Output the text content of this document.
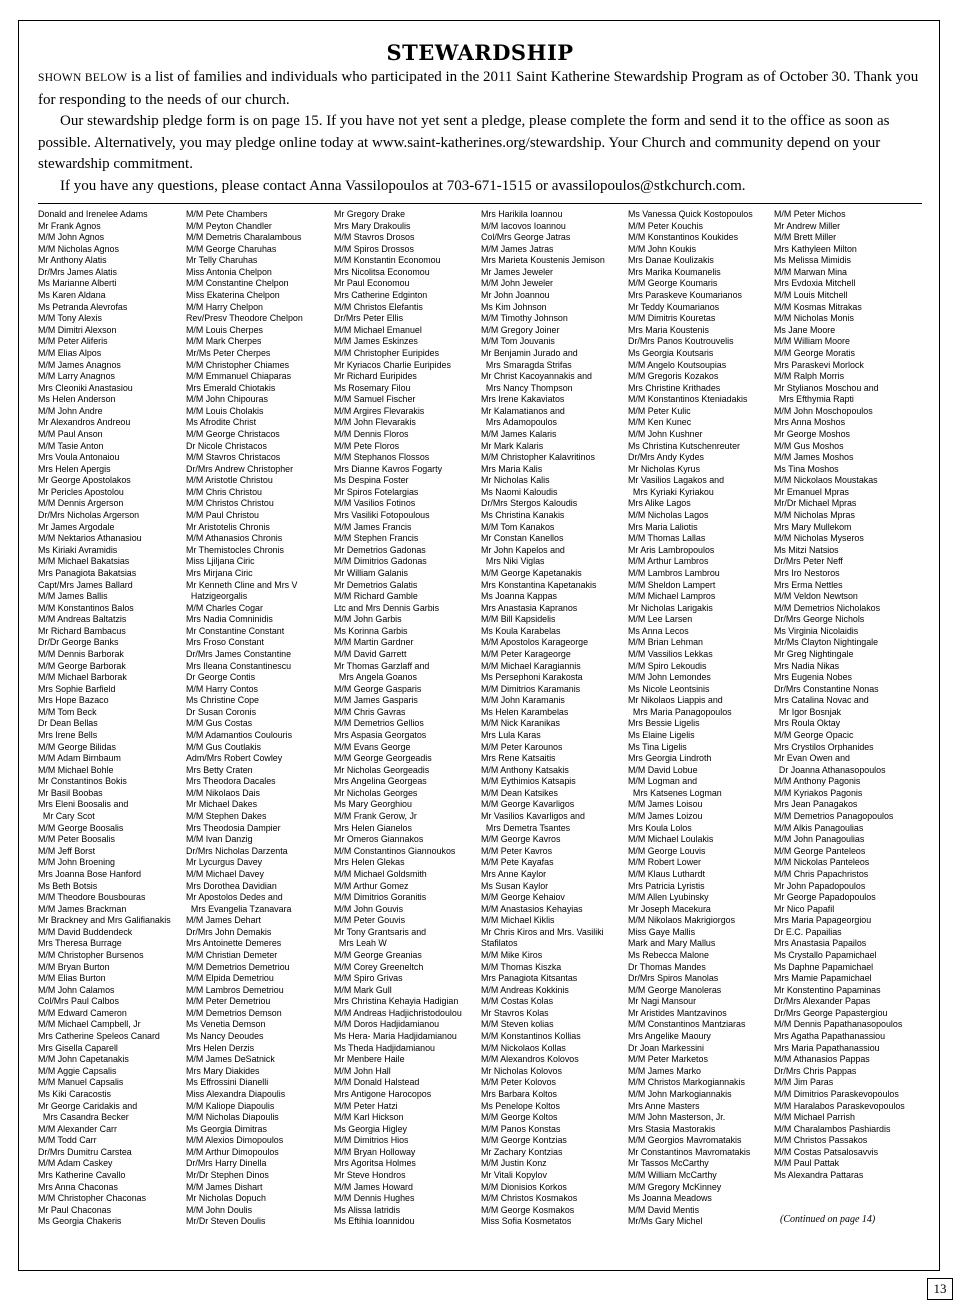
STEWARDSHIP

SHOWN BELOW is a list of families and individuals who participated in the 2011 Saint Katherine Stewardship Program as of October 30. Thank you for responding to the needs of our church.

Our stewardship pledge form is on page 15. If you have not yet sent a pledge, please complete the form and send it to the office as soon as possible. Alternatively, you may pledge online today at www.saint-katherines.org/stewardship. Your Church and community depend on your stewardship commitment.

If you have any questions, please contact Anna Vassilopoulos at 703-671-1515 or avassilopoulos@stkchurch.com.

Donald and Irenelee Adams
Mr Frank Agnos
M/M John Agnos
M/M Nicholas Agnos
Mr Anthony Alatis
Dr/Mrs James Alatis
Ms Marianne Alberti
Ms Karen Aldana
Ms Petranda Alevrofas
M/M Tony Alexis
M/M Dimitri Alexson
M/M Peter Aliferis
M/M Elias Alpos
M/M James Anagnos
M/M Larry Anagnos
Mrs Cleoniki Anastasiou
Ms Helen Anderson
M/M John Andre
Mr Alexandros Andreou
M/M Paul Anson
M/M Tasie Anton
Mrs Voula Antonaiou
Mrs Helen Apergis
Mr George Apostolakos
Mr Pericles Apostolou
M/M Dennis Argerson
Dr/Mrs Nicholas Argerson
Mr James Argodale
M/M Nektarios Athanasiou
Ms Kiriaki Avramidis
M/M Michael Bakatsias
Mrs Panagiota Bakatsias
Capt/Mrs James Ballard
M/M James Ballis
M/M Konstantinos Balos
M/M Andreas Baltatzis
Mr Richard Bambacus
Dr/Dr George Banks
M/M Dennis Barborak
M/M George Barborak
M/M Michael Barborak
Mrs Sophie Barfield
Mrs Hope Bazaco
M/M Tom Beck
Dr Dean Bellas
Mrs Irene Bells
M/M George Bilidas
M/M Adam Birnbaum
M/M Michael Bohle
Mr Constantinos Bokis
Mr Basil Boobas
Mrs Eleni Boosalis and
Mr Cary Scot
M/M George Boosalis
M/M Peter Boosalis
M/M Jeff Borst
M/M John Broening
Mrs Joanna Bose Hanford
Ms Beth Botsis
M/M Theodore Bousbouras
M/M James Brackman
Mr Brackney and Mrs Galifianakis
M/M David Buddendeck
Mrs Theresa Burrage
M/M Christopher Bursenos
M/M Bryan Burton
M/M Elias Burton
M/M John Calamos
Col/Mrs Paul Calbos
M/M Edward Cameron
M/M Michael Campbell, Jr
Mrs Catherine Speleos Canard
Mrs Gisella Caparell
M/M John Capetanakis
M/M Aggie Capsalis
M/M Manuel Capsalis
Ms Kiki Caracostis
Mr George Caridakis and
Mrs Casandra Becker
M/M Alexander Carr
M/M Todd Carr
Dr/Mrs Dumitru Carstea
M/M Adam Caskey
Mrs Katherine Cavallo
Mrs Anna Chaconas
M/M Christopher Chaconas
Mr Paul Chaconas
Ms Georgia Chakeris
M/M Pete Chambers
M/M Peyton Chandler
M/M Demetris Charalambous
M/M George Charuhas
Mr Telly Charuhas
Miss Antonia Chelpon
M/M Constantine Chelpon
Miss Ekaterina Chelpon
M/M Harry Chelpon
Rev/Presv Theodore Chelpon
M/M Louis Cherpes
M/M Mark Cherpes
Mr/Ms Peter Cherpes
M/M Christopher Chiames
M/M Emmanuel Chiaparas
Mrs Emerald Chiotakis
M/M John Chipouras
M/M Louis Cholakis
Ms Afrodite Christ
M/M George Christacos
Dr Nicole Christacos
M/M Stavros Christacos
Dr/Mrs Andrew Christopher
M/M Aristotle Christou
M/M Chris Christou
M/M Christos Christou
M/M Paul Christou
Mr Aristotelis Chronis
M/M Athanasios Chronis
Mr Themistocles Chronis
Miss Ljiljana Ciric
Mrs Mirjana Ciric
Mr Kenneth Cline and Mrs V
Hatzigeorgalis
M/M Charles Cogar
Mrs Nadia Comninidis
Mr Constantine Constant
Mrs Froso Constant
Dr/Mrs James Constantine
Mrs Ileana Constantinescu
Dr George Contis
M/M Harry Contos
Ms Christine Cope
Dr Susan Coronis
M/M Gus Costas
M/M Adamantios Coulouris
M/M Gus Coutlakis
Adm/Mrs Robert Cowley
Mrs Betty Craten
Mrs Theodora Dacales
M/M Nikolaos Dais
Mr Michael Dakes
M/M Stephen Dakes
Mrs Theodosia Dampier
M/M Ivan Danzig
Dr/Mrs Nicholas Darzenta
Mr Lycurgus Davey
M/M Michael Davey
Mrs Dorothea Davidian
Mr Apostolos Dedes and
Mrs Evangelia Tzanavara
M/M James Dehart
Dr/Mrs John Demakis
Mrs Antoinette Demeres
M/M Christian Demeter
M/M Demetrios Demetriou
M/M Elpida Demetriou
M/M Lambros Demetriou
M/M Peter Demetriou
M/M Demetrios Demson
Ms Venetia Demson
Ms Nancy Deoudes
Mrs Helen Derzis
M/M James DeSatnick
Mrs Mary Diakides
Ms Effrossini Dianelli
Miss Alexandra Diapoulis
M/M Kaliope Diapoulis
M/M Nicholas Diapoulis
Ms Georgia Dimitras
M/M Alexios Dimopoulos
M/M Arthur Dimopoulos
Dr/Mrs Harry Dinella
Mr/Dr Stephen Dinos
M/M James Dishart
Mr Nicholas Dopuch
M/M John Doulis
Mr/Dr Steven Doulis
Mr Gregory Drake
Mrs Mary Drakoulis
M/M Stavros Drosos
M/M Spiros Drossos
M/M Konstantin Economou
Mrs Nicolitsa Economou
Mr Paul Economou
Mrs Catherine Edginton
M/M Christos Elefantis
Dr/Mrs Peter Ellis
M/M Michael Emanuel
M/M James Eskinzes
M/M Christopher Euripides
Mr Kyriacos Charlie Euripides
Mr Richard Euripides
Ms Rosemary Filou
M/M Samuel Fischer
M/M Argires Flevarakis
M/M John Flevarakis
M/M Dennis Floros
M/M Pete Floros
M/M Stephanos Flossos
Mrs Dianne Kavros Fogarty
Ms Despina Foster
Mr Spiros Fotelargias
M/M Vasilios Fotinos
Mrs Vasiliki Fotopoulous
M/M James Francis
M/M Stephen Francis
Mr Demetrios Gadonas
M/M Dimitrios Gadonas
Mr William Galanis
Mr Demetrios Galatis
M/M Richard Gamble
Ltc and Mrs Dennis Garbis
M/M John Garbis
Ms Korinna Garbis
M/M Martin Gardner
M/M David Garrett
Mr Thomas Garzlaff and
Mrs Angela Goanos
M/M George Gasparis
M/M James Gasparis
M/M Chris Gavras
M/M Demetrios Gellios
Mrs Aspasia Georgatos
M/M Evans George
M/M George Georgeadis
Mr Nicholas Georgeadis
Mrs Angelina Georgeas
Mr Nicholas Georges
Ms Mary Georghiou
M/M Frank Gerow, Jr
Mrs Helen Gianelos
Mr Omeros Giannakos
M/M Constantinos Giannoukos
Mrs Helen Glekas
M/M Michael Goldsmith
M/M Arthur Gomez
M/M Dimitrios Goranitis
M/M John Gouvis
M/M Peter Gouvis
Mr Tony Grantsaris and
Mrs Leah W
M/M George Greanias
M/M Corey Greeneltch
M/M Spiro Grivas
M/M Mark Gull
Mrs Christina Kehayia Hadigian
M/M Andreas Hadjichristodoulou
M/M Doros Hadjidamianou
Ms Hera- Maria Hadjidamianou
Ms Theda Hadjidamianou
Mr Menbere Haile
M/M John Hall
M/M Donald Halstead
Mrs Antigone Harocopos
M/M Peter Hatzi
M/M Karl Hickson
Ms Georgia Higley
M/M Dimitrios Hios
M/M Bryan Holloway
Mrs Agoritsa Holmes
Mr Steve Hondros
M/M James Howard
M/M Dennis Hughes
Ms Alissa Iatridis
Ms Eftihia Ioannidou
Mrs Harikila Ioannou
M/M Iacovos Ioannou
Col/Mrs George Jatras
M/M James Jatras
Mrs Marieta Koustenis Jemison
Mr James Jeweler
M/M John Jeweler
Mr John Joannou
Ms Kim Johnson
M/M Timothy Johnson
M/M Gregory Joiner
M/M Tom Jouvanis
Mr Benjamin Jurado and
Mrs Smaragda Strifas
Mr Christ Kacoyannakis and
Mrs Nancy Thompson
Mrs Irene Kakaviatos
Mr Kalamatianos and
Mrs Adamopoulos
M/M James Kalaris
Mr Mark Kalaris
M/M Christopher Kalavritinos
Mrs Maria Kalis
Mr Nicholas Kalis
Ms Naomi Kaloudis
Dr/Mrs Stergos Kaloudis
Ms Christina Kanakis
M/M Tom Kanakos
Mr Constan Kanellos
Mr John Kapelos and
Mrs Niki Viglas
M/M George Kapetanakis
Mrs Konstantina Kapetanakis
Ms Joanna Kappas
Mrs Anastasia Kapranos
M/M Bill Kapsidelis
Ms Koula Karabelas
M/M Apostolos Karageorge
M/M Peter Karageorge
M/M Michael Karagiannis
Ms Persephoni Karakosta
M/M Dimitrios Karamanis
M/M John Karamanis
Ms Helen Karambelas
M/M Nick Karanikas
Mrs Lula Karas
M/M Peter Karounos
Mrs Rene Katsaitis
M/M Anthony Katsakis
M/M Eythimios Katsapis
M/M Dean Katsikes
M/M George Kavarligos
Mr Vasilios Kavarligos and
Mrs Demetra Tsantes
M/M George Kavros
M/M Peter Kavros
M/M Pete Kayafas
Mrs Anne Kaylor
Ms Susan Kaylor
M/M George Kehaiov
M/M Anastasios Kehayias
M/M Michael Kiklis
Mr Chris Kiros and Mrs. Vasiliki
Stafilatos
M/M Mike Kiros
M/M Thomas Kiszka
Mrs Panagiota Kitsantas
M/M Andreas Kokkinis
M/M Costas Kolas
Mr Stavros Kolas
M/M Steven kolias
M/M Konstantinos Kollias
M/M Nickolaos Kollas
M/M Alexandros Kolovos
Mr Nicholas Kolovos
M/M Peter Kolovos
Mrs Barbara Koltos
Ms Penelope Koltos
M/M George Koltos
M/M Panos Konstas
M/M George Kontzias
Mr Zachary Kontzias
M/M Justin Konz
Mr Vitali Kopylov
M/M Dionisios Korkos
M/M Christos Kosmakos
M/M George Kosmakos
Miss Sofia Kosmetatos
Ms Vanessa Quick Kostopoulos
M/M Peter Kouchis
M/M Konstantinos Koukides
M/M John Koukis
Mrs Danae Koulizakis
Mrs Marika Koumanelis
M/M George Koumaris
Mrs Paraskeve Koumarianos
Mr Teddy Koumarianos
M/M Dimitris Kouretas
Mrs Maria Koustenis
Dr/Mrs Panos Koutrouvelis
Ms Georgia Koutsaris
M/M Angelo Koutsoupias
M/M Gregoris Kozakos
Mrs Christine Krithades
M/M Konstantinos Kteniadakis
M/M Peter Kulic
M/M Ken Kunec
M/M John Kushner
Ms Christina Kutschenreuter
Dr/Mrs Andy Kydes
Mr Nicholas Kyrus
Mr Vasilios Lagakos and
Mrs Kyriaki Kyriakou
Mrs Alike Lagos
M/M Nicholas Lagos
Mrs Maria Laliotis
M/M Thomas Lallas
Mr Aris Lambropoulos
M/M Arthur Lambros
M/M Lambros Lambrou
M/M Sheldon Lampert
M/M Michael Lampros
Mr Nicholas Larigakis
M/M Lee Larsen
Ms Anna Lecos
M/M Brian Lehman
M/M Vassilios Lekkas
M/M Spiro Lekoudis
M/M John Lemondes
Ms Nicole Leontsinis
Mr Nikolaos Liappis and
Mrs Maria Panagopoulos
Mrs Bessie Ligelis
Ms Elaine Ligelis
Ms Tina Ligelis
Mrs Georgia Lindroth
M/M David Lobue
M/M Logman and
Mrs Katsenes Logman
M/M James Loisou
M/M James Loizou
Mrs Koula Lolos
M/M Michael Loulakis
M/M George Louvis
M/M Robert Lower
M/M Klaus Luthardt
Mrs Patricia Lyristis
M/M Allen Lyubinsky
Mr Joseph Macekura
M/M Nikolaos Makrigiorgos
Miss Gaye Mallis
Mark and Mary Mallus
Ms Rebecca Malone
Dr Thomas Mandes
Dr/Mrs Spiros Manolas
M/M George Manoleras
Mr Nagi Mansour
Mr Aristides Mantzavinos
M/M Constantinos Mantziaras
Mrs Angelike Maoury
Dr Joan Markessini
M/M Peter Marketos
M/M James Marko
M/M Christos Markogiannakis
M/M John Markogiannakis
Mrs Anne Masters
M/M John Masterson, Jr.
Mrs Stasia Mastorakis
M/M Georgios Mavromatakis
Mr Constantinos Mavromatakis
Mr Tassos McCarthy
M/M William McCarthy
M/M Gregory McKinney
Ms Joanna Meadows
M/M David Mentis
Mr/Ms Gary Michel
M/M Peter Michos
Mr Andrew Miller
M/M Brett Miller
Mrs Kathyleen Milton
Ms Melissa Mimidis
M/M Marwan Mina
Mrs Evdoxia Mitchell
M/M Louis Mitchell
M/M Kosmas Mitrakas
M/M Nicholas Monis
Ms Jane Moore
M/M William Moore
M/M George Moratis
Mrs Paraskevi Morlock
M/M Ralph Morris
Mr Stylianos Moschou and
Mrs Efthymia Rapti
M/M John Moschopoulos
Mrs Anna Moshos
Mr George Moshos
M/M Gus Moshos
M/M James Moshos
Ms Tina Moshos
M/M Nickolaos Moustakas
Mr Emanuel Mpras
Mr/Dr Michael Mpras
M/M Nicholas Mpras
Mrs Mary Mullekom
M/M Nicholas Myseros
Ms Mitzi Natsios
Dr/Mrs Peter Neff
Mrs Iro Nestoros
Mrs Erma Nettles
M/M Veldon Newtson
M/M Demetrios Nicholakos
Dr/Mrs George Nichols
Ms Virginia Nicolaidis
Mr/Ms Clayton Nightingale
Mr Greg Nightingale
Mrs Nadia Nikas
Mrs Eugenia Nobes
Dr/Mrs Constantine Nonas
Mrs Catalina Novac and
Mr Igor Bosnjak
Mrs Roula Oktay
M/M George Opacic
Mrs Crystilos Orphanides
Mr Evan Owen and
Dr Joanna Athanasopoulos
M/M Anthony Pagonis
M/M Kyriakos Pagonis
Mrs Jean Panagakos
M/M Demetrios Panagopoulos
M/M Alkis Panagoulias
M/M John Panagoulias
M/M George Panteleos
M/M Nickolas Panteleos
M/M Chris Papachristos
Mr John Papadopoulos
Mr George Papadopoulos
Mr Nico Papafil
Mrs Maria Papageorgiou
Dr E.C. Papailias
Mrs Anastasia Papailos
Ms Crystallo Papamichael
Ms Daphne Papamichael
Mrs Mamie Papamichael
Mr Konstentino Papaminas
Dr/Mrs Alexander Papas
Dr/Mrs George Papastergiou
M/M Dennis Papathanasopoulos
Mrs Agatha Papathanassiou
Mrs Maria Papathanassiou
M/M Athanasios Pappas
Dr/Mrs Chris Pappas
M/M Jim Paras
M/M Dimitrios Paraskevopoulos
M/M Haralabos Paraskevopoulos
M/M Michael Parrish
M/M Charalambos Pashiardis
M/M Christos Passakos
M/M Costas Patsalosavvis
M/M Paul Pattak
Ms Alexandra Pattaras
(Continued on page 14)
13
